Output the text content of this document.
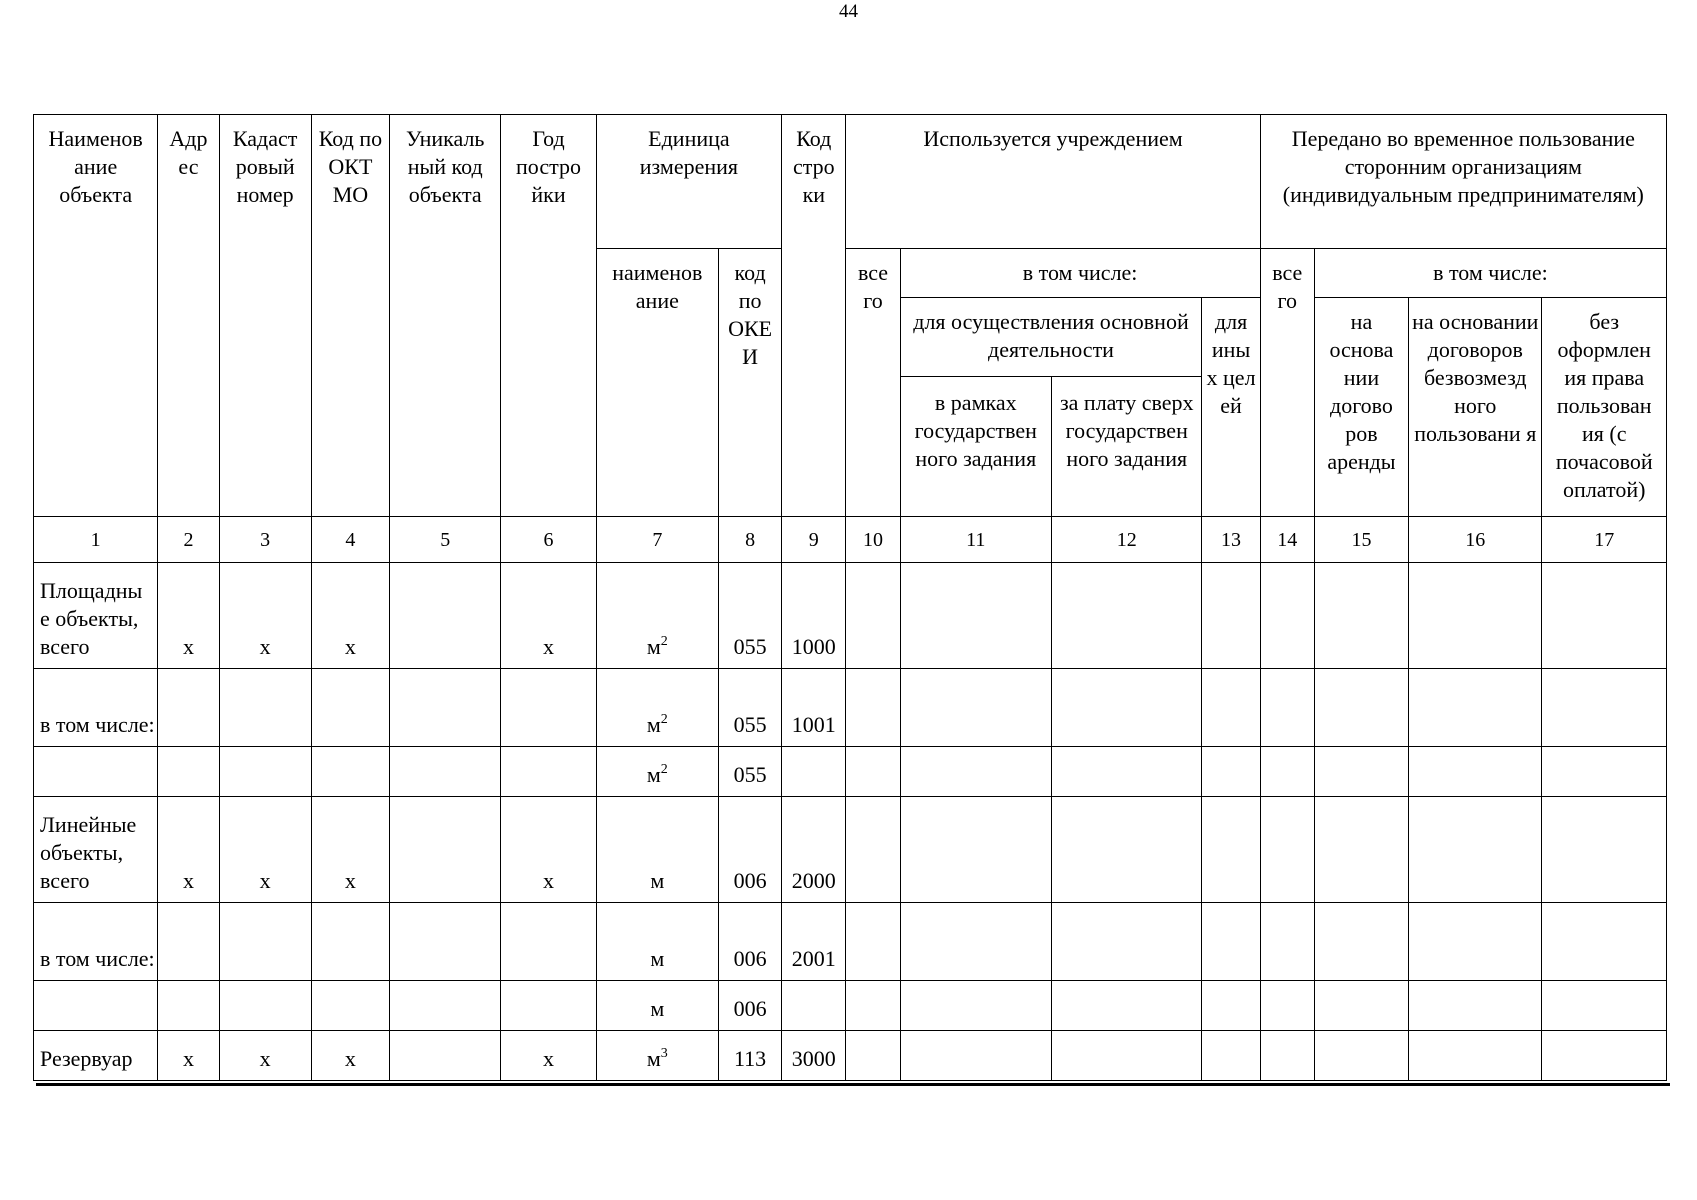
44
Наименов ание объекта	Адр ес	Кадаст ровый номер	Код по ОКТ МО	Уникаль ный код объекта	Год постро йки	Единица измерения		Код стро ки	Используется учреждением				Передано во временное пользование сторонним организациям (индивидуальным предпринимателям)			
						наименов ание	код по ОКЕ И		все го	в том числе:			все го	в том числе:		
										для осуществления основной деятельности		для ины х цел ей		на основа нии догово ров аренды	на основании договоров безвозмезд ного пользовани я	без оформлен ия права пользован ия (с почасовой оплатой)
										в рамках государствен ного задания	за плату сверх государствен ного задания					
1	2	3	4	5	6	7	8	9	10	11	12	13	14	15	16	17
Площадны е объекты, всего	x	x	x		x	$м^2$	055	1000								
в том числе:						$м^2$	055	1001								
						$м^2$	055									
Линейные объекты, всего	x	x	x		x	м	006	2000								
в том числе:						м	006	2001								
						м	006									
Резервуар	x	x	x		x	$м^3$	113	3000								
